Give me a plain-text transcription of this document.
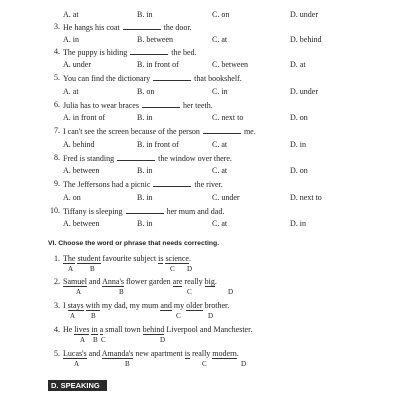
A. at	B. in	C. on	D. under
3. He hangs his coat	the door.
A. in	B. between	C. at	D. behind
4. The puppy is hiding	the bed.
A. under	B. in front of	C. between	D. at
5. You can find the dictionary	that bookshelf.
A. at	B. on	C. in	D. under
6. Julia has to wear braces	her teeth.
A. in front of	B. in	C. next to	D. on
7. I can't see the screen because of the person	me.
A. behind	B. in front of	C. at	D. in
8. Fred is standing	the window over there.
A. between	B. in	C. at	D. on
9. The Jeffersons had a picnic	the river.
A. on	B. in	C. under	D. next to
10. Tiffany is sleeping	her mum and dad.
A. between	B. in	C. at	D. in
VI. Choose the word or phrase that needs correcting.
1. The student favourite subject is science.
A B	C D
2. Samuel and Anna's flower garden are really big.
A	B	C	D
3. I stays with my dad, my mum and my older brother.
A B	C	D
4. He lives in a small town behind Liverpool and Manchester.
A B C	D
5. Lucas's and Amanda's new apartment is really modern.
A	B	C	D
D. SPEAKING
